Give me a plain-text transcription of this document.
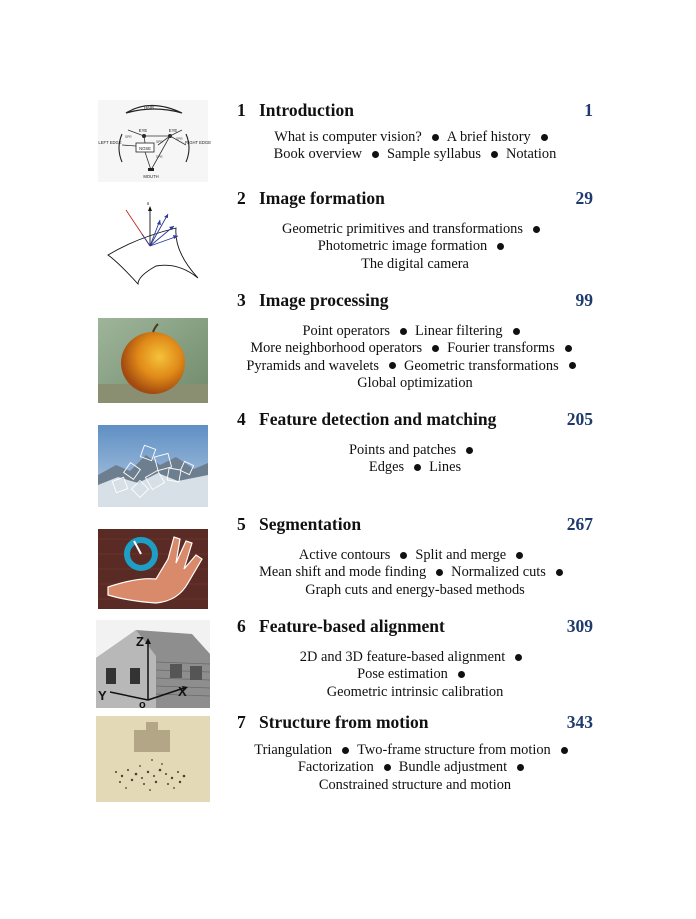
HAIR
LEFT EDGE	RIGHT EDGE
EYE	EYE
NOSE
SPR	SPR
SPR
SPR
MOUTH
1 Introduction	1
What is computer vision? A brief history
Book overview Sample syllabus Notation
n	2 Image formation	29
Geometric primitives and transformations
Photometric image formation
The digital camera
3 Image processing	99
Point operators Linear filtering
More neighborhood operators Fourier transforms
Pyramids and wavelets Geometric transformations
Global optimization
4 Feature detection and matching	205
Points and patches
Edges Lines
5 Segmentation	267
Active contours Split and merge
Mean shift and mode finding Normalized cuts
Graph cuts and energy-based methods
Z
Y	X
o
6 Feature-based alignment	309
2D and 3D feature-based alignment
Pose estimation
Geometric intrinsic calibration
7 Structure from motion	343
Triangulation Two-frame structure from motion
Factorization Bundle adjustment
Constrained structure and motion
